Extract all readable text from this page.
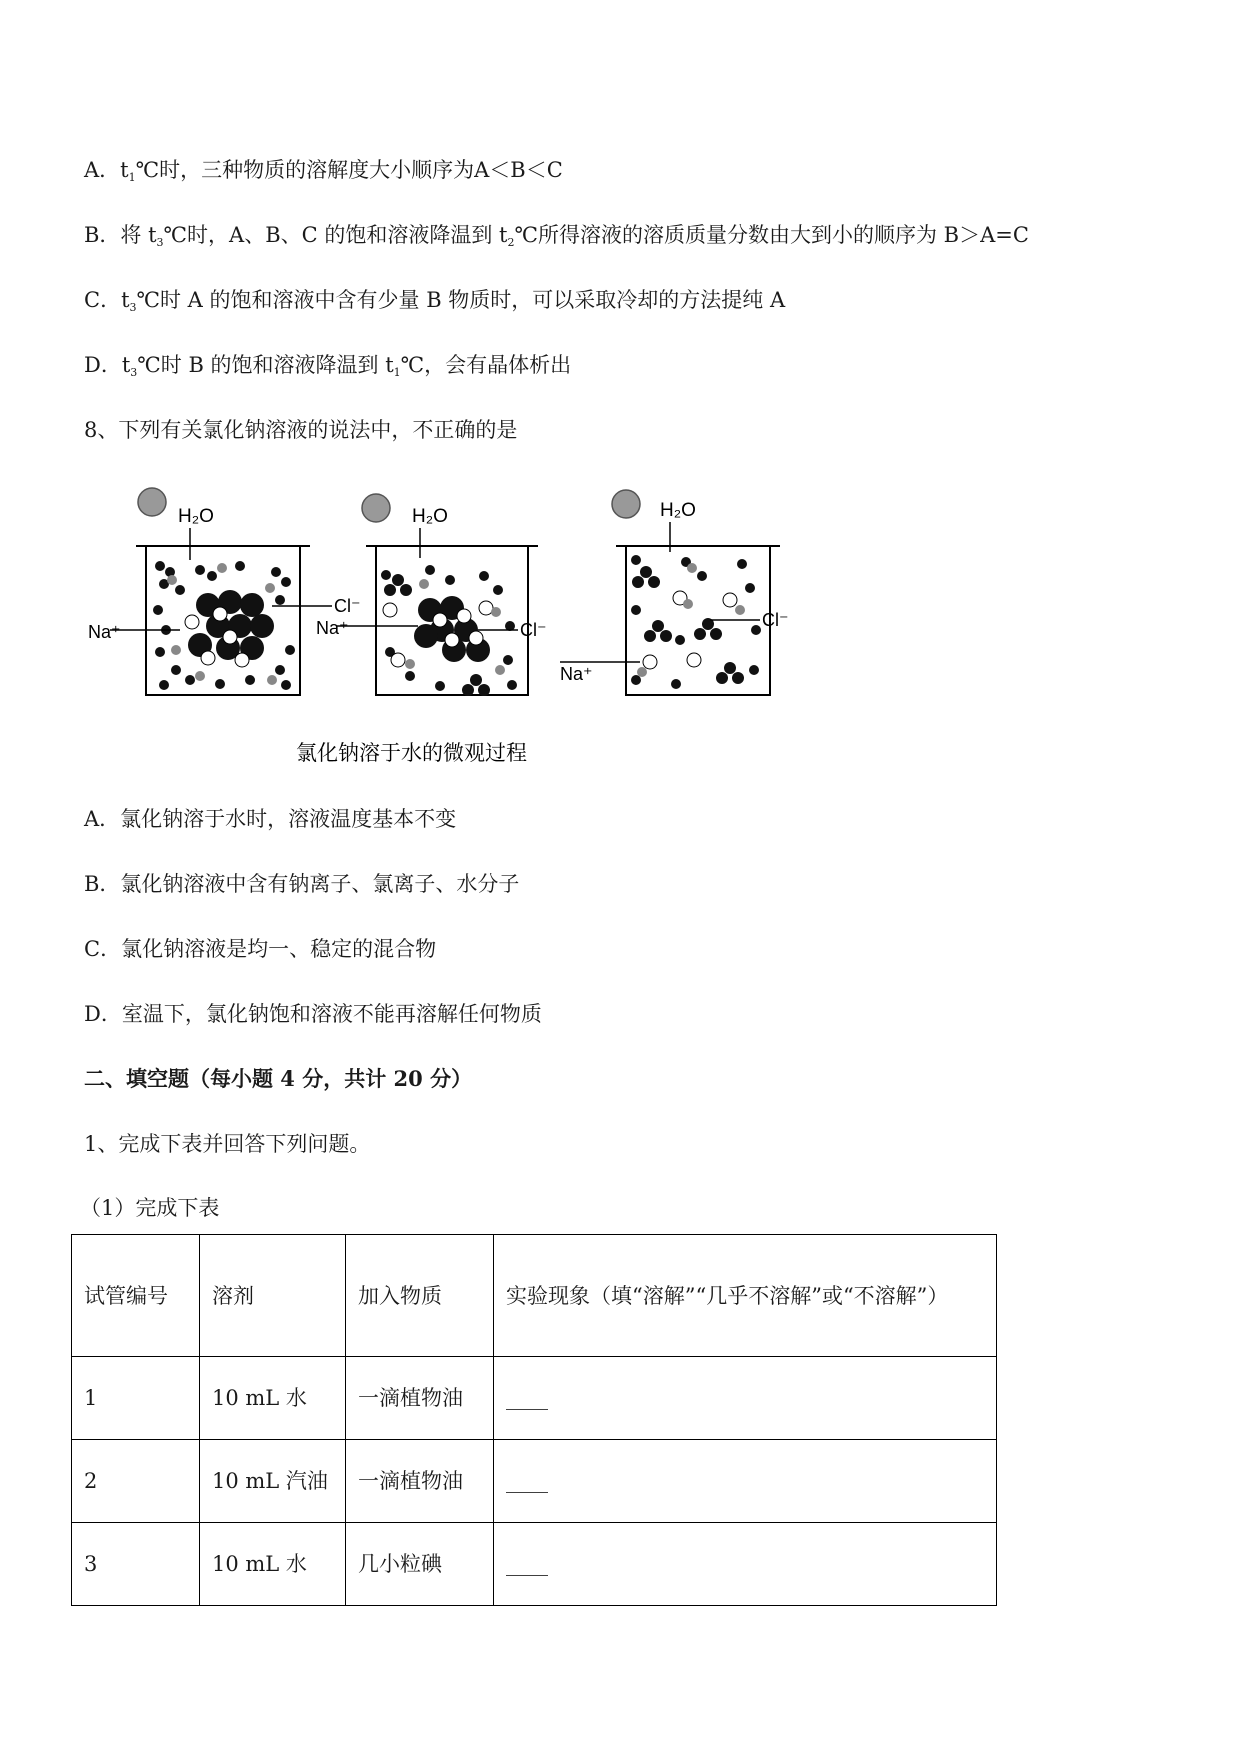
A．$t_1℃$时，三种物质的溶解度大小顺序为A＜B＜C
B．将 $t_3℃$时，A、B、C 的饱和溶液降温到 $t_2℃$所得溶液的溶质质量分数由大到小的顺序为 B＞A=C
C．$t_3℃$时 A 的饱和溶液中含有少量 B 物质时，可以采取冷却的方法提纯 A
D．$t_3℃$时 B 的饱和溶液降温到 $t_1℃$，会有晶体析出
8、下列有关氯化钠溶液的说法中，不正确的是
H₂O
Na⁺
Cl⁻
H₂O
Na⁺	Cl⁻
H₂O
Cl⁻
Na⁺
氯化钠溶于水的微观过程
A．氯化钠溶于水时，溶液温度基本不变
B．氯化钠溶液中含有钠离子、氯离子、水分子
C．氯化钠溶液是均一、稳定的混合物
D．室温下，氯化钠饱和溶液不能再溶解任何物质
二、填空题（每小题 4 分，共计 20 分）
1、完成下表并回答下列问题。
（1）完成下表
试管编号	溶剂	加入物质	实验现象（填“溶解”“几乎不溶解”或“不溶解”）
1	10 mL 水	一滴植物油	____
2	10 mL 汽油	一滴植物油	____
3	10 mL 水	几小粒碘	____
